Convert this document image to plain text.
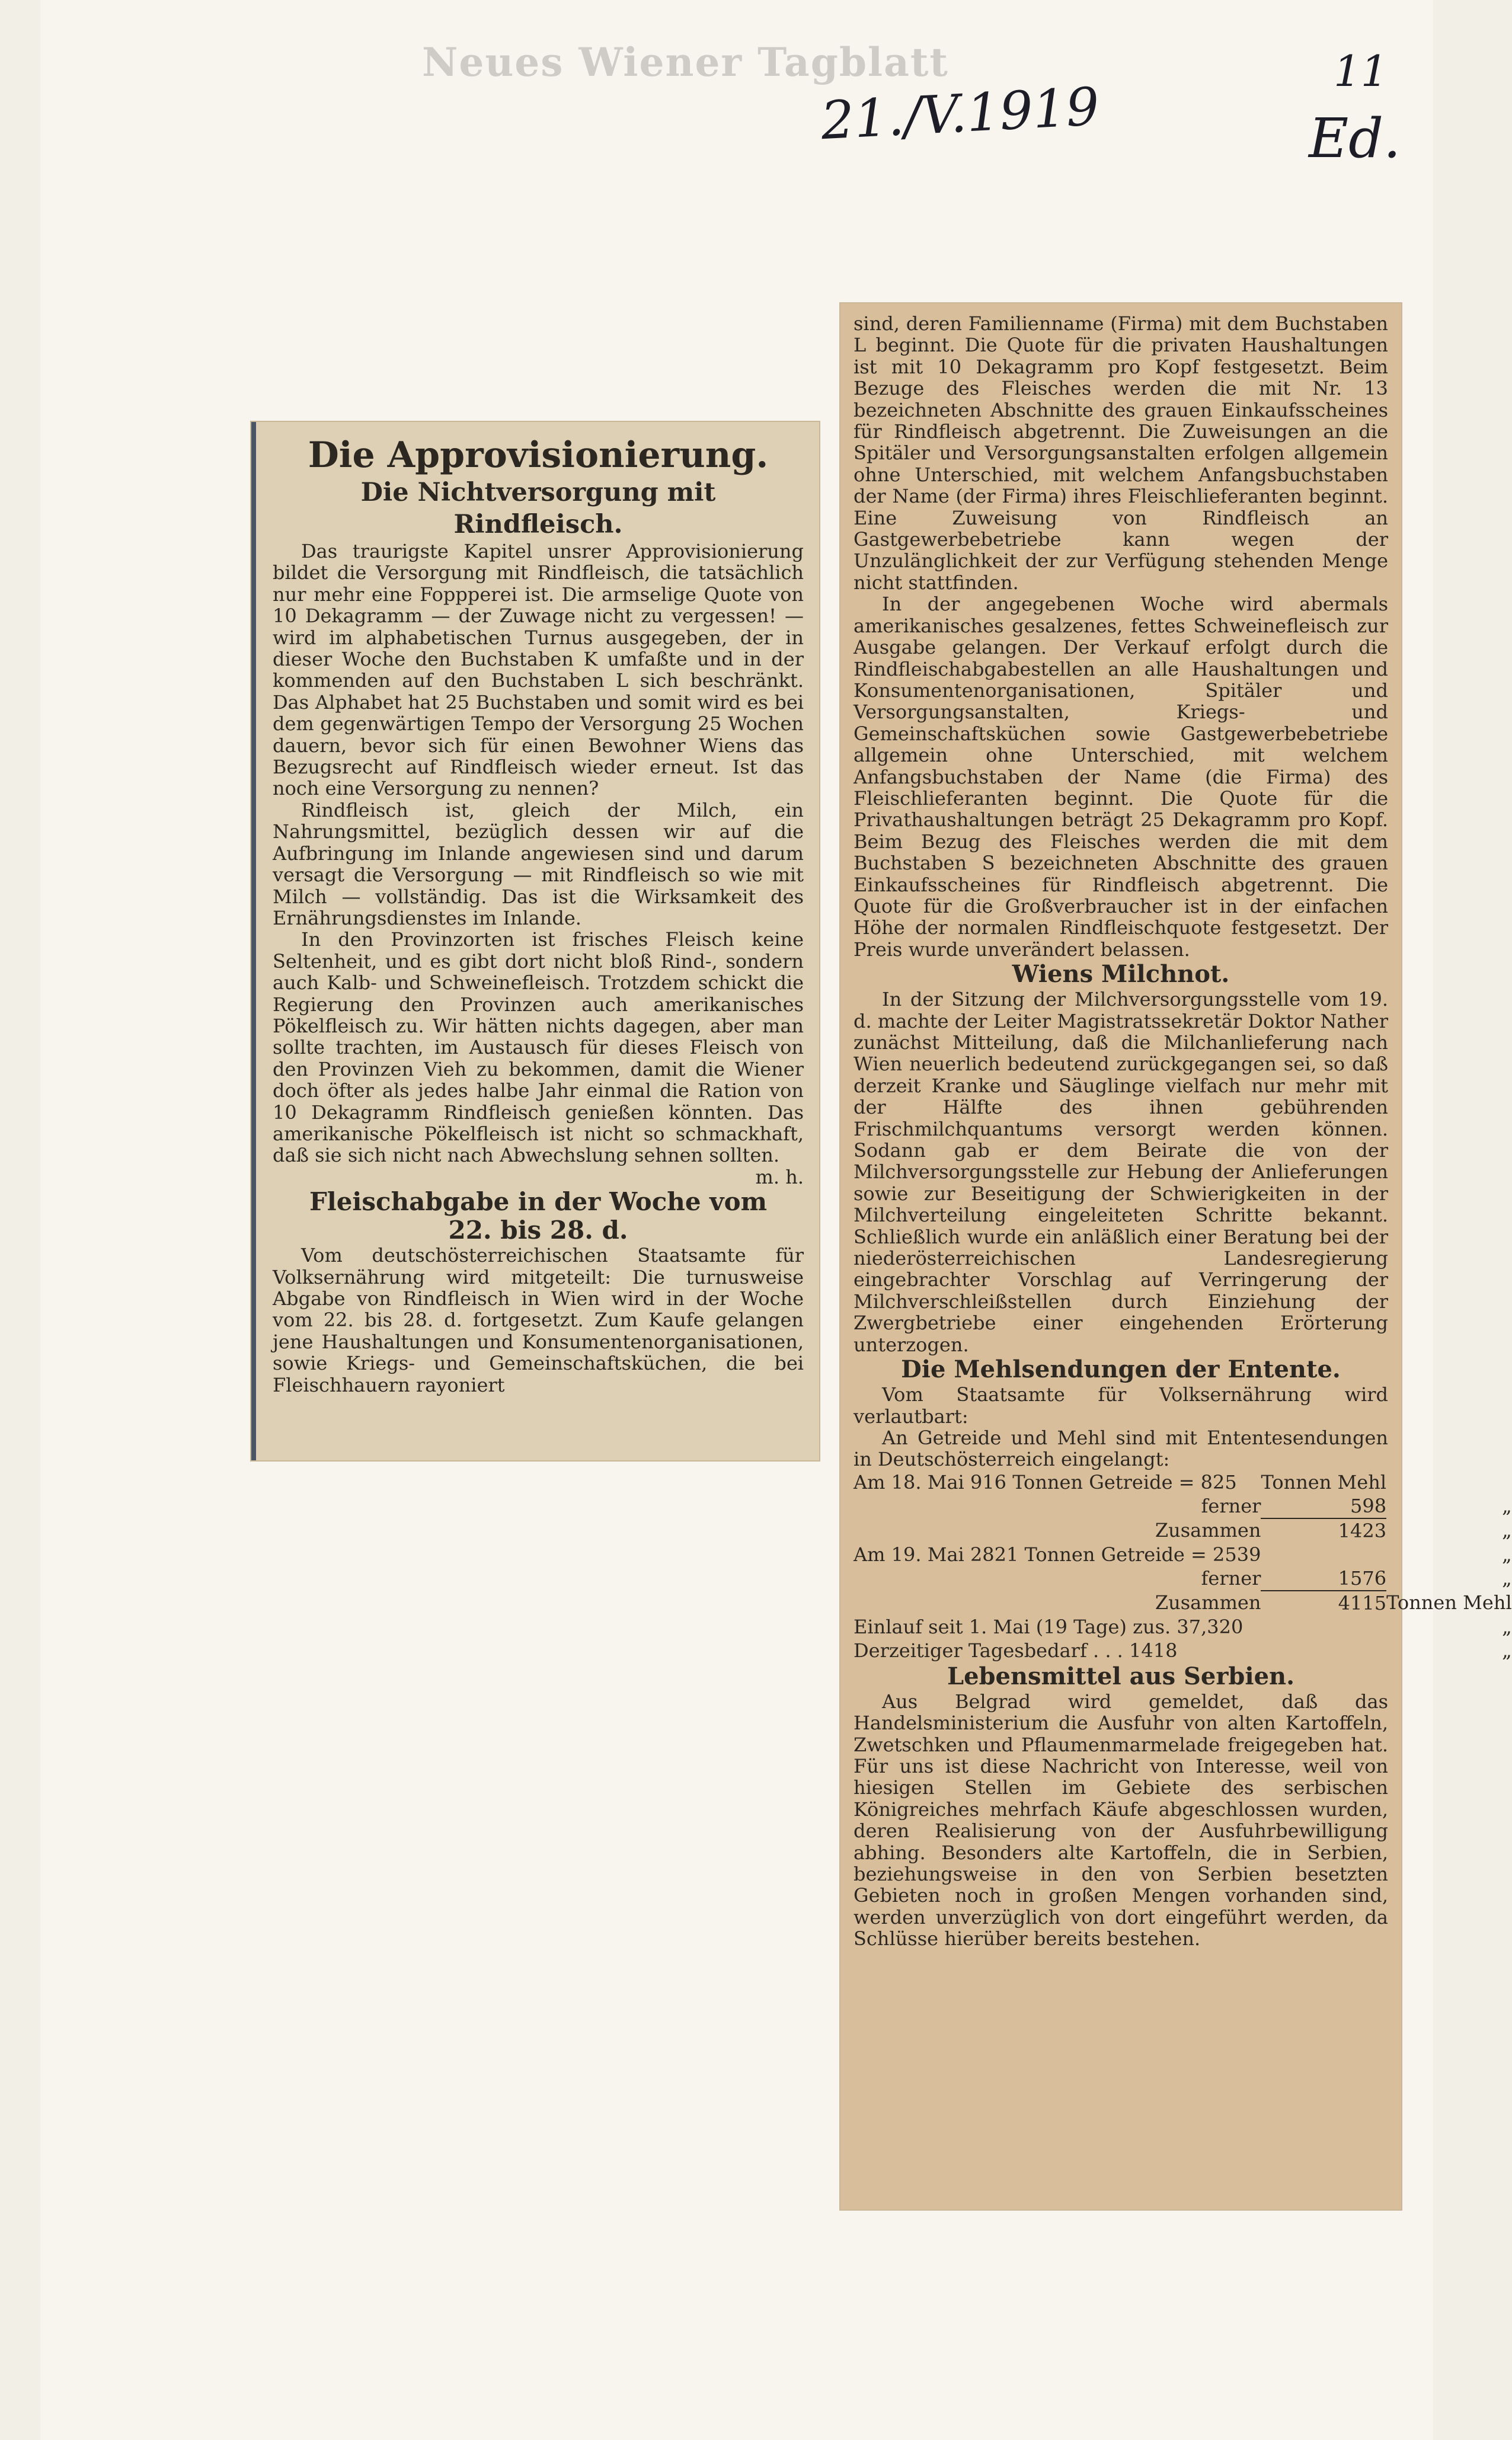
Neues Wiener Tagblatt
21./V.1919
11
Ed.
Die Approvisionierung.
Die Nichtversorgung mit Rindfleisch.

Das traurigste Kapitel unsrer Approvisionierung bildet die Versorgung mit Rindfleisch, die tatsächlich nur mehr eine Foppperei ist. Die armselige Quote von 10 Dekagramm — der Zuwage nicht zu vergessen! — wird im alphabetischen Turnus ausgegeben, der in dieser Woche den Buchstaben K umfaßte und in der kommenden auf den Buchstaben L sich beschränkt. Das Alphabet hat 25 Buchstaben und somit wird es bei dem gegenwärtigen Tempo der Versorgung 25 Wochen dauern, bevor sich für einen Bewohner Wiens das Bezugsrecht auf Rindfleisch wieder erneut. Ist das noch eine Versorgung zu nennen?

Rindfleisch ist, gleich der Milch, ein Nahrungsmittel, bezüglich dessen wir auf die Aufbringung im Inlande angewiesen sind und darum versagt die Versorgung — mit Rindfleisch so wie mit Milch — vollständig. Das ist die Wirksamkeit des Ernährungsdienstes im Inlande.

In den Provinzorten ist frisches Fleisch keine Seltenheit, und es gibt dort nicht bloß Rind-, sondern auch Kalb- und Schweinefleisch. Trotzdem schickt die Regierung den Provinzen auch amerikanisches Pökelfleisch zu. Wir hätten nichts dagegen, aber man sollte trachten, im Austausch für dieses Fleisch von den Provinzen Vieh zu bekommen, damit die Wiener doch öfter als jedes halbe Jahr einmal die Ration von 10 Dekagramm Rindfleisch genießen könnten. Das amerikanische Pökelfleisch ist nicht so schmackhaft, daß sie sich nicht nach Abwechslung sehnen sollten.

m. h.

Fleischabgabe in der Woche vom
22. bis 28. d.

Vom deutschösterreichischen Staatsamte für Volksernährung wird mitgeteilt: Die turnusweise Abgabe von Rindfleisch in Wien wird in der Woche vom 22. bis 28. d. fortgesetzt. Zum Kaufe gelangen jene Haushaltungen und Konsumentenorganisationen, sowie Kriegs- und Gemeinschaftsküchen, die bei Fleischhauern rayoniert

sind, deren Familienname (Firma) mit dem Buchstaben L beginnt. Die Quote für die privaten Haushaltungen ist mit 10 Dekagramm pro Kopf festgesetzt. Beim Bezuge des Fleisches werden die mit Nr. 13 bezeichneten Abschnitte des grauen Einkaufsscheines für Rindfleisch abgetrennt. Die Zuweisungen an die Spitäler und Versorgungsanstalten erfolgen allgemein ohne Unterschied, mit welchem Anfangsbuchstaben der Name (der Firma) ihres Fleischlieferanten beginnt. Eine Zuweisung von Rindfleisch an Gastgewerbebetriebe kann wegen der Unzulänglichkeit der zur Verfügung stehenden Menge nicht stattfinden.

In der angegebenen Woche wird abermals amerikanisches gesalzenes, fettes Schweinefleisch zur Ausgabe gelangen. Der Verkauf erfolgt durch die Rindfleischabgabestellen an alle Haushaltungen und Konsumentenorganisationen, Spitäler und Versorgungsanstalten, Kriegs- und Gemeinschaftsküchen sowie Gastgewerbebetriebe allgemein ohne Unterschied, mit welchem Anfangsbuchstaben der Name (die Firma) des Fleischlieferanten beginnt. Die Quote für die Privathaushaltungen beträgt 25 Dekagramm pro Kopf. Beim Bezug des Fleisches werden die mit dem Buchstaben S bezeichneten Abschnitte des grauen Einkaufsscheines für Rindfleisch abgetrennt. Die Quote für die Großverbraucher ist in der einfachen Höhe der normalen Rindfleischquote festgesetzt. Der Preis wurde unverändert belassen.

Wiens Milchnot.

In der Sitzung der Milchversorgungsstelle vom 19. d. machte der Leiter Magistratssekretär Doktor Nather zunächst Mitteilung, daß die Milchanlieferung nach Wien neuerlich bedeutend zurückgegangen sei, so daß derzeit Kranke und Säuglinge vielfach nur mehr mit der Hälfte des ihnen gebührenden Frischmilchquantums versorgt werden können. Sodann gab er dem Beirate die von der Milchversorgungsstelle zur Hebung der Anlieferungen sowie zur Beseitigung der Schwierigkeiten in der Milchverteilung eingeleiteten Schritte bekannt. Schließlich wurde ein anläßlich einer Beratung bei der niederösterreichischen Landesregierung eingebrachter Vorschlag auf Verringerung der Milchverschleißstellen durch Einziehung der Zwergbetriebe einer eingehenden Erörterung unterzogen.

Die Mehlsendungen der Entente.

Vom Staatsamte für Volksernährung wird verlautbart:

An Getreide und Mehl sind mit Ententesendungen in Deutschösterreich eingelangt:

Am 18. Mai 916 Tonnen Getreide = 825	Tonnen Mehl	
ferner	598	„
Zusammen	1423	„
Am 19. Mai 2821 Tonnen Getreide = 2539		„
ferner	1576	„
Zusammen	4115	Tonnen Mehl
Einlauf seit 1. Mai (19 Tage) zus. 37,320		„
Derzeitiger Tagesbedarf . . . 1418		„
Lebensmittel aus Serbien.

Aus Belgrad wird gemeldet, daß das Handelsministerium die Ausfuhr von alten Kartoffeln, Zwetschken und Pflaumenmarmelade freigegeben hat. Für uns ist diese Nachricht von Interesse, weil von hiesigen Stellen im Gebiete des serbischen Königreiches mehrfach Käufe abgeschlossen wurden, deren Realisierung von der Ausfuhrbewilligung abhing. Besonders alte Kartoffeln, die in Serbien, beziehungsweise in den von Serbien besetzten Gebieten noch in großen Mengen vorhanden sind, werden unverzüglich von dort eingeführt werden, da Schlüsse hierüber bereits bestehen.
